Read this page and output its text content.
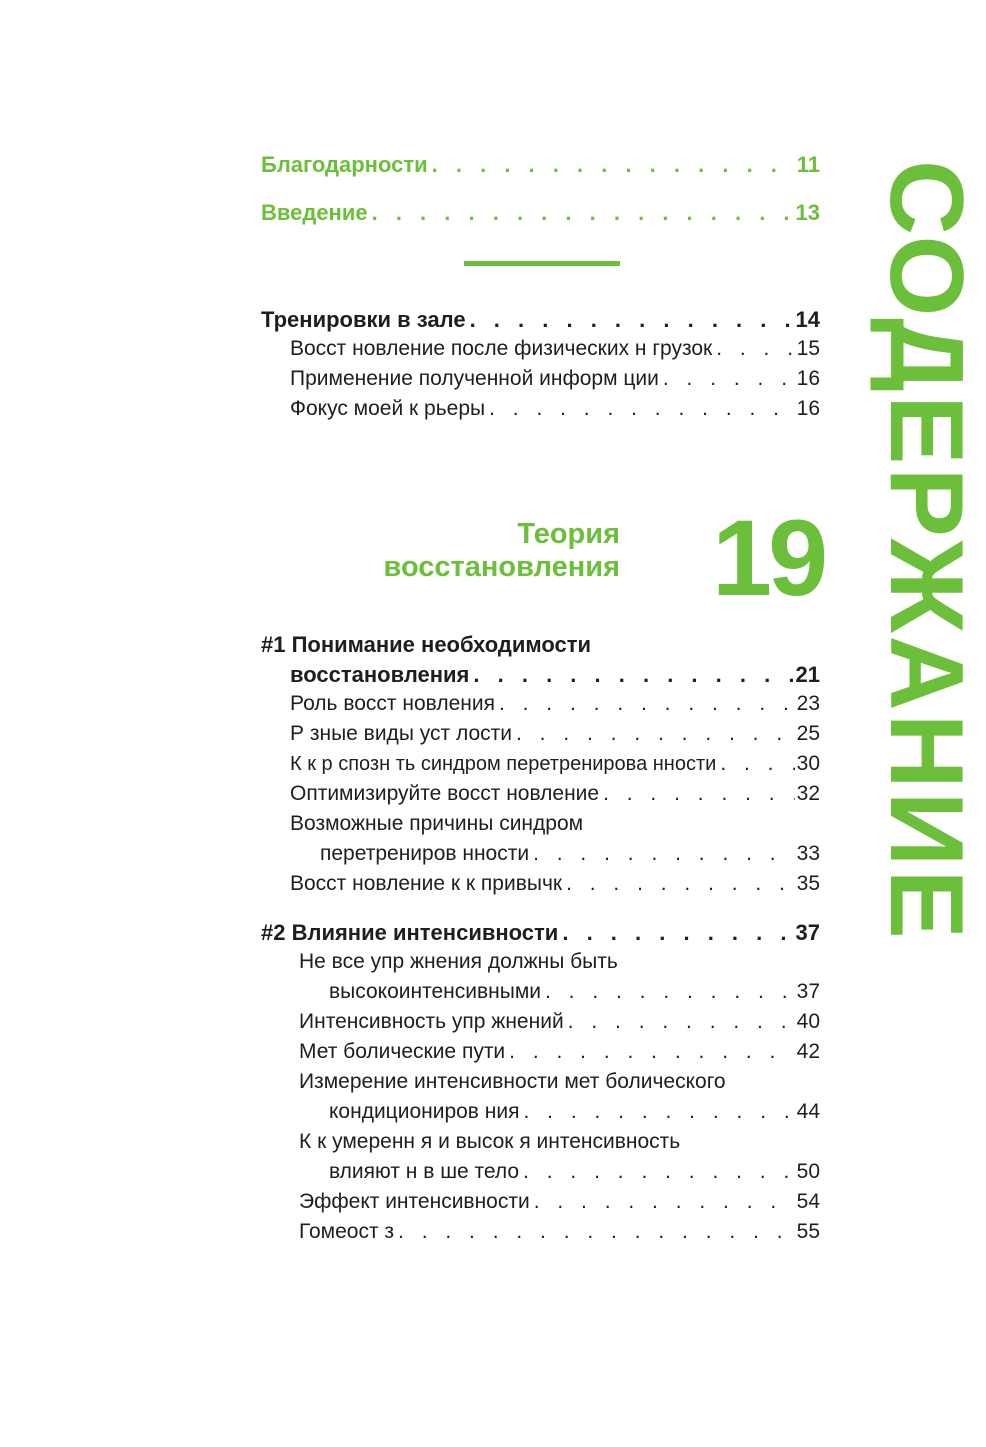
СОДЕРЖАНИЕ
Благодарности . . .	11
Введение . . .	13
Тренировки в зале . . .	14
Восст новление после физических н грузок . . .	15
Применение полученной информ ции . . .	16
Фокус моей к рьеры . . .	16
Теория
восстановления 19
#1 Понимание необходимости
восстановления . . .	21
Роль восст новления . . .	23
Р зные виды уст лости . . .	25
К к р спозн ть синдром перетренирова нности . . .	30
Оптимизируйте восст новление . . .	32
Возможные причины синдром
перетрениров нности . . .	33
Восст новление к к привычк . . .	35
#2 Влияние интенсивности . . .	37
Не все упр жнения должны быть
высокоинтенсивными . . .	37
Интенсивность упр жнений . . .	40
Мет болические пути . . .	42
Измерение интенсивности мет болического
кондициониров ния . . .	44
К к умеренн я и высок я интенсивность
влияют н в ше тело . . .	50
Эффект интенсивности . . .	54
Гомеост з . . .	55
